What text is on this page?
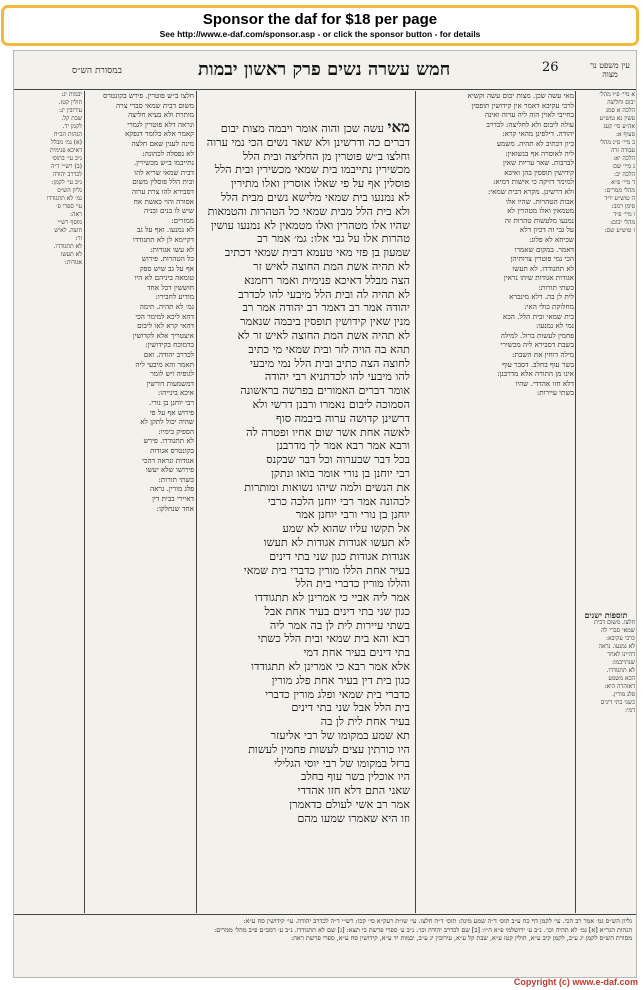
Sponsor the daf for $18 per page
See http://www.e-daf.com/sponsor.asp - or click the sponsor button - for details
במסורת הש״ס	חמש עשרה נשים פרק ראשון יבמות	26	עין משפט נר מצוה
מאי עשה שכן והוה אומר ויבמה מצות יבום
דברים כה ודרשינן ולא שאר נשים הכי נמי ערוה
וחלצו ב״ש פוטרין מן החליצה ובית הלל
מכשירין נתייבמו בית שמאי מכשירין ובית הלל
פוסלין אף על פי שאלו אוסרין ואלו מתירין
לא נמנעו בית שמאי מלישא נשים מבית הלל
ולא בית הלל מבית שמאי כל הטהרות והטמאות
שהיו אלו מטהרין ואלו מטמאין לא נמנעו עושין
טהרות אלו על גבי אלו: גמ׳ אמר רב
שמעון בן פזי מאי טעמא דבית שמאי דכתיב
לא תהיה אשת המת החוצה לאיש זר
הצה מבלל דאיכא פנימית ואמר רחמנא
לא תהיה לה ובית הלל מיבעי להו לכדרב
יהודה אמר רב דאמר רב יהודה אמר רב
מנין שאין קידושין תופסין ביבמה שנאמר
לא תהיה אשת המת החוצה לאיש זר לא
תהא בה הויה לזר ובית שמאי מי כתיב
לחוצה הצה כתיב ובית הלל נמי מיבעי
להו מיבעי להו לכדתניא רבי יהודה
אומר דברים האמורים בפרשה בראשונה
הסמוכה ליבום נאמרו ורבנן דרשי ולא
דרשינן קדושה ערוה ביבמה סוף
לאשה אחת אשר שום אחיו ופטרה לה
ורבא אמר רבא אמר לך מדרבנן
בכל דבר שבערוה וכל דבר שבקנס
רבי יוחנן בן נורי אומר בואו ונתקן
את הנשים ולמה שיהו נשואות ומותרות
לכהונה אמר רבי יוחנן הלכה כרבי
יוחנן בן נורי ורבי יוחנן אמר
אל תקשו עליו שהוא לא שמע
לא תעשו אגודות אגודות לא תעשו
אגודות אגודות כגון שני בתי דינים
בעיר אחת הללו מורין כדברי בית שמאי
והללו מורין כדברי בית הלל
אמר ליה אביי כי אמרינן לא תתגודדו
כגון שני בתי דינים בעיר אחת אבל
בשתי עיירות לית לן בה אמר ליה
רבא והא בית שמאי ובית הלל כשתי
בתי דינים בעיר אחת דמי
אלא אמר רבא כי אמרינן לא תתגודדו
כגון בית דין בעיר אחת פלג מורין
כדברי בית שמאי ופלג מורין כדברי
בית הלל אבל שני בתי דינים
בעיר אחת לית לן בה
תא שמע במקומו של רבי אליעזר
היו כורתין עצים לעשות פחמין לעשות
ברזל במקומו של רבי יוסי הגלילי
היו אוכלין בשר עוף בחלב
שאני התם דלא חזו אהדדי
אמר רב אשי לעולם כדאמרן
וזו היא שאמרו שמעו מהם
מאי עשה שכן. מצות יבום עשה וקשיא
לרבי עקיבא דאמר אין קידושין תופסין
בחייבי לאוין הוה ליה ערוה ואינה
עולה ליבום ולא לחליצה: לכדרב
יהודה. דילפינן מהאי קרא:
כיון דכתיב לא תהיה. משמע
ליה לאוסרה אף בנשואין:
לברבות. שאר עריות שאין
קידושין תופסין בהן ואיכא
למימר דזיקה כי אישות דמיא:
ולא דרשינן. מקרא דבית שמאי:
אבות הטהרות. שהיו אלו
מטמאין ואלו מטהרין לא
נמנעו מלעשות טהרות זה
על גבי זה דכיון דלא
שכיחא לא פלוג:
דאמר. במקום שאמרו
הכי נמי פוטרין צרותיהן
לא תתגודדו. לא תעשו
אגודות אגודות שיהו נראין
כשתי תורות:
לית לן בה. דלא מינכרא
מחלוקת כולי האי:
בית שמאי ובית הלל. הכא
נמי לא נמנעו:
פחמין לעשות ברזל. למילה
בשבת דסבירא ליה מכשירי
מילה דוחין את השבת:
בשר עוף בחלב. דסבר עוף
אינו מן התורה אלא מדרבנן:
דלא חזו אהדדי. שהיו
בשתי עיירות:
חלצו ב״ש פוטרין. פירש בקונטרס
משום דבית שמאי סברי צרה
מותרת ולא בעיא חליצה
ונראה דלא פוטרין לגמרי
קאמר אלא כלומר דנפקא
מינה לענין שאם חלצה
לא נפסלה לכהונה:
נתייבמו ב״ש מכשירין.
דבית שמאי שריא להו
ובית הלל פוסלין משום
דסבירא להו צרת ערוה
אסורה והוי כאשת אח
שיש לו בנים ובניה
ממזרים:
לא נמנעו. ואף על גב
דקיימא לן לא תתגודדו
לא עשו אגודות:
כל הטהרות. פירוש
אף על גב שיש ספק
טומאה ביניהם לא היו
חוששין דכל אחד
מודיע לחבירו:
גמ׳ לא תהיה. תימה
דהא ליכא למימר הכי
דהאי קרא לאו ליבום
איצטריך אלא לקדושין
כדמוכח בקידושין:
לכדרב יהודה. ואם
תאמר והא מיבעי ליה
לגופיה ויש לומר
דמשמעות דורשין
איכא בינייהו:
רבי יוחנן בן נורי.
פירוש אף על פי
שהיה יכול לתקן לא
הספיק בימיו:
לא תתגודדו. פירש
בקונטרס אגודות
אגודות ונראה דהכי
פירושו שלא יעשו
כשתי תורות:
פלג מורין. נראה
דאיירי בבית דין
אחד שנחלקו:
א מיי׳ פ״ו מהל׳
יבום וחליצה
הלכה א סמג
עשין נא טוש״ע
אה״ע סי׳ קעג
סעיף א:
ב מיי׳ פ״ג מהל׳
עבודה זרה
הלכה יא:
ג מיי׳ שם
הלכה יב:
ד מיי׳ פ״א
מהל׳ ממרים:
ה טוש״ע יו״ד
סימן רמב:
ו מיי׳ פ״ד
מהל׳ יבום:
ז טוש״ע שם:
תוספות ישנים
חלצו. משום דבית
שמאי סברי לה
כרבי עקיבא:
לא נמנעו. נראה
דהיינו לאחר
שנתייבמו:
לא תתגודדו.
הכא משמע
דאזהרה היא:
פלג מורין.
כשני בתי דינים
דמי:
יבמות יג:
חולין קטז.
עירובין יג:
שבת קל.
לקמן יד.
הגהות הב״ח
(א) גמ׳ מבלל
דאיכא פנימית
נ״ב עי׳ בתוס׳
(ב) רש״י ד״ה
לכדרב יהודה
נ״ב עי׳ לקמן:
גליון הש״ס
גמ׳ לא תתגודדו
עי׳ ספרי פ׳
ראה:
מוסף רש״י
חוצה. לאיש
זר:
לא תתגודדו.
לא תעשו
אגודות:
גליון הש״ס גמ׳ אמר רב הכי. עי׳ לקמן דף כח ע״ב תוס׳ ד״ה שמע מינה: תוס׳ ד״ה חלצו. עי׳ שו״ת רעק״א סי׳ קכו: רש״י ד״ה לכדרב יהודה. עי׳ קידושין סח ע״א:
הגהות הגר״א [א] גמ׳ לא תהיה וכו׳. נ״ב ע׳ ירושלמי פ״א ה״ו: [ב] שם לכדרב יהודה וכו׳. נ״ב ע׳ ספרי פרשת כי תצא: [ג] שם לא תתגודדו. נ״ב ע׳ רמב״ם פ״ב מהל׳ ממרים:
מסורת הש״ס לקמן יג ע״ב, לקמן קיב ע״א, חולין קטז ע״א, שבת קל ע״א, עירובין יג ע״ב, יבמות יד ע״א, קידושין סח ע״א, ספרי פרשת ראה:
Copyright (c) www.e-daf.com
